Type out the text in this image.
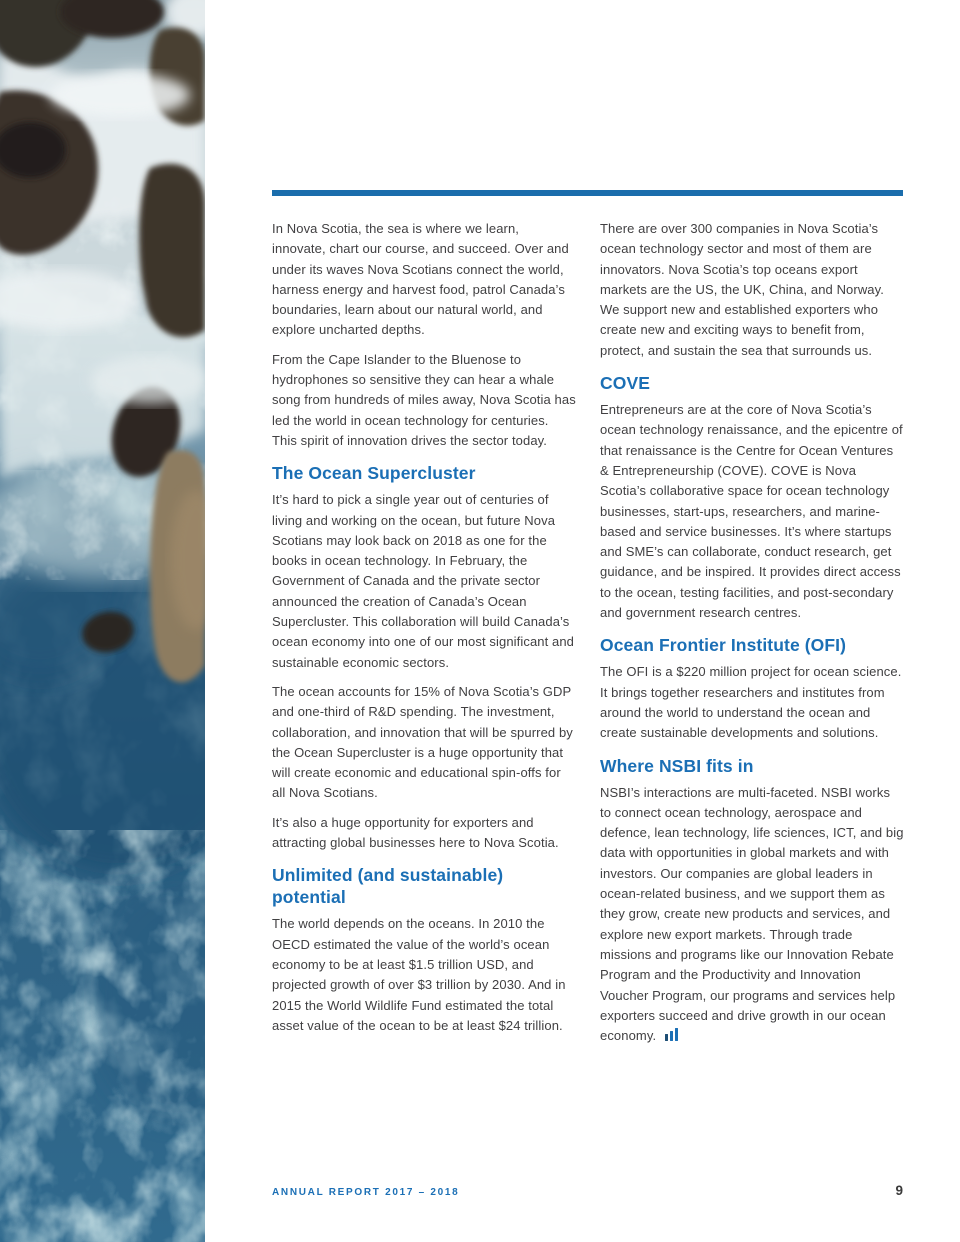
In Nova Scotia, the sea is where we learn, innovate, chart our course, and succeed. Over and under its waves Nova Scotians connect the world, harness energy and harvest food, patrol Canada’s boundaries, learn about our natural world, and explore uncharted depths.

From the Cape Islander to the Bluenose to hydrophones so sensitive they can hear a whale song from hundreds of miles away, Nova Scotia has led the world in ocean technology for centuries. This spirit of innovation drives the sector today.

The Ocean Supercluster

It’s hard to pick a single year out of centuries of living and working on the ocean, but future Nova Scotians may look back on 2018 as one for the books in ocean technology. In February, the Government of Canada and the private sector announced the creation of Canada’s Ocean Supercluster. This collaboration will build Canada’s ocean economy into one of our most significant and sustainable economic sectors.

The ocean accounts for 15% of Nova Scotia’s GDP and one-third of R&D spending. The investment, collaboration, and innovation that will be spurred by the Ocean Supercluster is a huge opportunity that will create economic and educational spin-offs for all Nova Scotians.

It’s also a huge opportunity for exporters and attracting global businesses here to Nova Scotia.

Unlimited (and sustainable) potential

The world depends on the oceans. In 2010 the OECD estimated the value of the world’s ocean economy to be at least $1.5 trillion USD, and projected growth of over $3 trillion by 2030. And in 2015 the World Wildlife Fund estimated the total asset value of the ocean to be at least $24 trillion.

There are over 300 companies in Nova Scotia’s ocean technology sector and most of them are innovators. Nova Scotia’s top oceans export markets are the US, the UK, China, and Norway. We support new and established exporters who create new and exciting ways to benefit from, protect, and sustain the sea that surrounds us.

COVE

Entrepreneurs are at the core of Nova Scotia’s ocean technology renaissance, and the epicentre of that renaissance is the Centre for Ocean Ventures & Entrepreneurship (COVE). COVE is Nova Scotia’s collaborative space for ocean technology businesses, start-ups, researchers, and marine-based and service businesses. It’s where startups and SME’s can collaborate, conduct research, get guidance, and be inspired. It provides direct access to the ocean, testing facilities, and post-secondary and government research centres.

Ocean Frontier Institute (OFI)

The OFI is a $220 million project for ocean science. It brings together researchers and institutes from around the world to understand the ocean and create sustainable developments and solutions.

Where NSBI fits in

NSBI’s interactions are multi-faceted. NSBI works to connect ocean technology, aerospace and defence, lean technology, life sciences, ICT, and big data with opportunities in global markets and with investors. Our companies are global leaders in ocean-related business, and we support them as they grow, create new products and services, and explore new export markets. Through trade missions and programs like our Innovation Rebate Program and the Productivity and Innovation Voucher Program, our programs and services help exporters succeed and drive growth in our ocean economy.

ANNUAL REPORT 2017 – 2018	9
